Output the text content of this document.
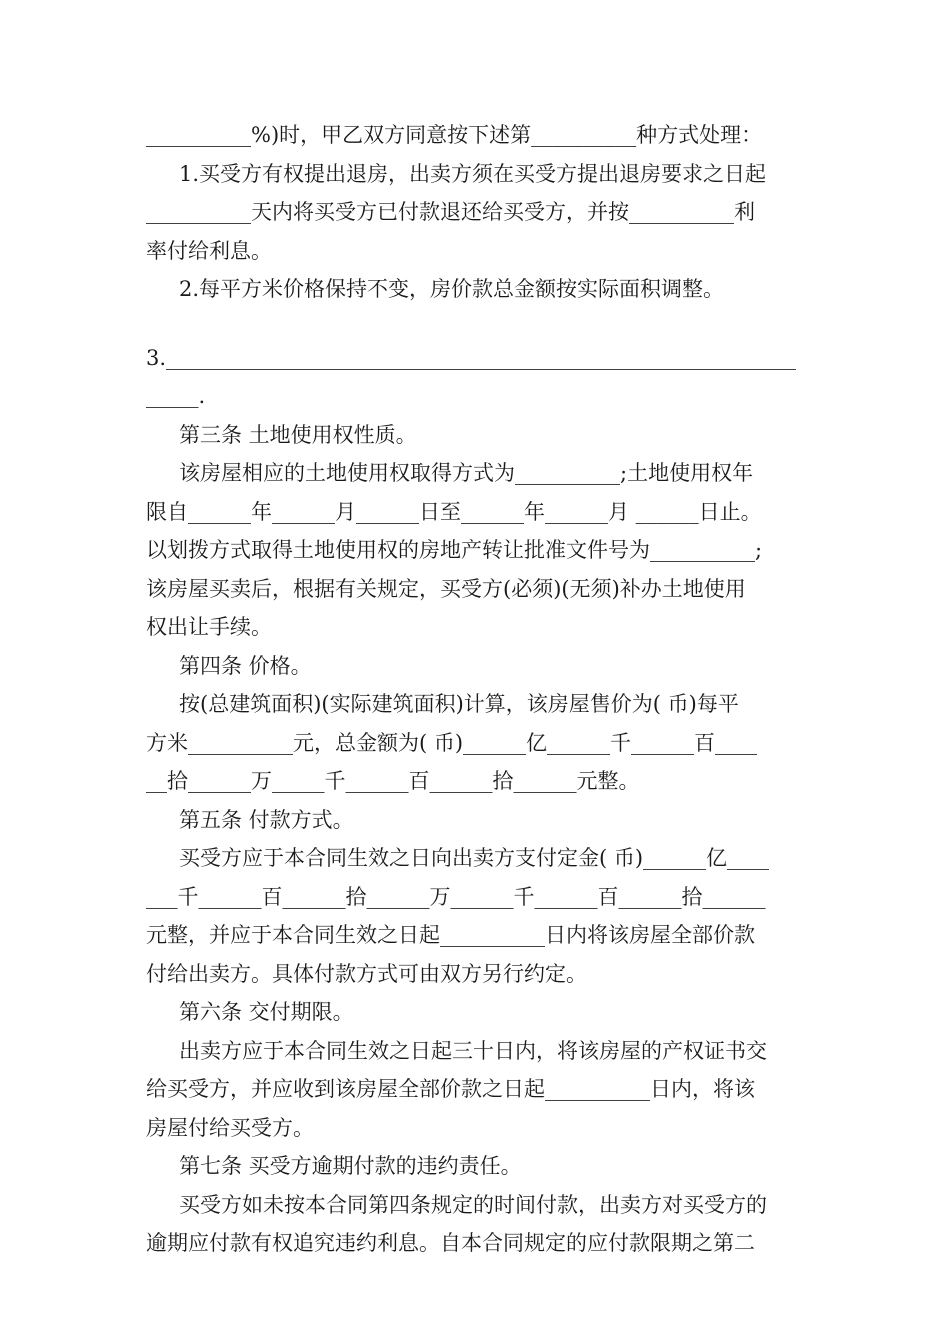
__________%)时，甲乙双方同意按下述第__________种方式处理：
1.买受方有权提出退房，出卖方须在买受方提出退房要求之日起
__________天内将买受方已付款退还给买受方，并按__________利
率付给利息。
2.每平方米价格保持不变，房价款总金额按实际面积调整。
3.____________________________________________________________
_____.
第三条 土地使用权性质。
该房屋相应的土地使用权取得方式为__________;土地使用权年
限自______年______月______日至______年______月 ______日止。
以划拨方式取得土地使用权的房地产转让批准文件号为__________;
该房屋买卖后，根据有关规定，买受方(必须)(无须)补办土地使用
权出让手续。
第四条 价格。
按(总建筑面积)(实际建筑面积)计算，该房屋售价为( 币)每平
方米__________元，总金额为( 币)______亿______千______百____
__拾______万_____千______百______拾______元整。
第五条 付款方式。
买受方应于本合同生效之日向出卖方支付定金( 币)______亿____
___千______百______拾______万______千______百______拾______
元整，并应于本合同生效之日起__________日内将该房屋全部价款
付给出卖方。具体付款方式可由双方另行约定。
第六条 交付期限。
出卖方应于本合同生效之日起三十日内，将该房屋的产权证书交
给买受方，并应收到该房屋全部价款之日起__________日内，将该
房屋付给买受方。
第七条 买受方逾期付款的违约责任。
买受方如未按本合同第四条规定的时间付款，出卖方对买受方的
逾期应付款有权追究违约利息。自本合同规定的应付款限期之第二
